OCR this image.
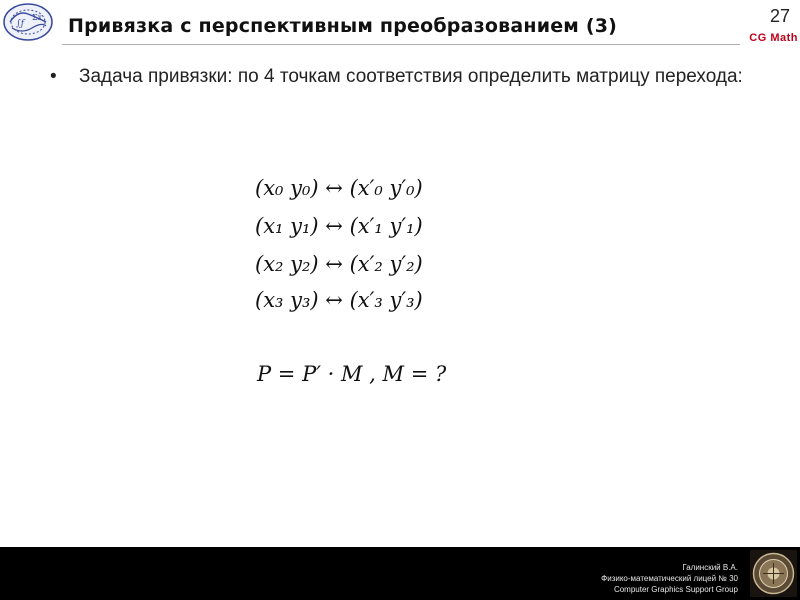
∫ƒ
Σx Привязка с перспективным преобразованием (3)	27
CG Math
• Задача привязки: по 4 точкам соответствия определить матрицу перехода:
(x₀ y₀) ↔ (x′₀ y′₀)
(x₁ y₁) ↔ (x′₁ y′₁)
(x₂ y₂) ↔ (x′₂ y′₂)
(x₃ y₃) ↔ (x′₃ y′₃)
P = P′ · M , M = ?
Галинский В.А.
Физико-математический лицей № 30
Computer Graphics Support Group
